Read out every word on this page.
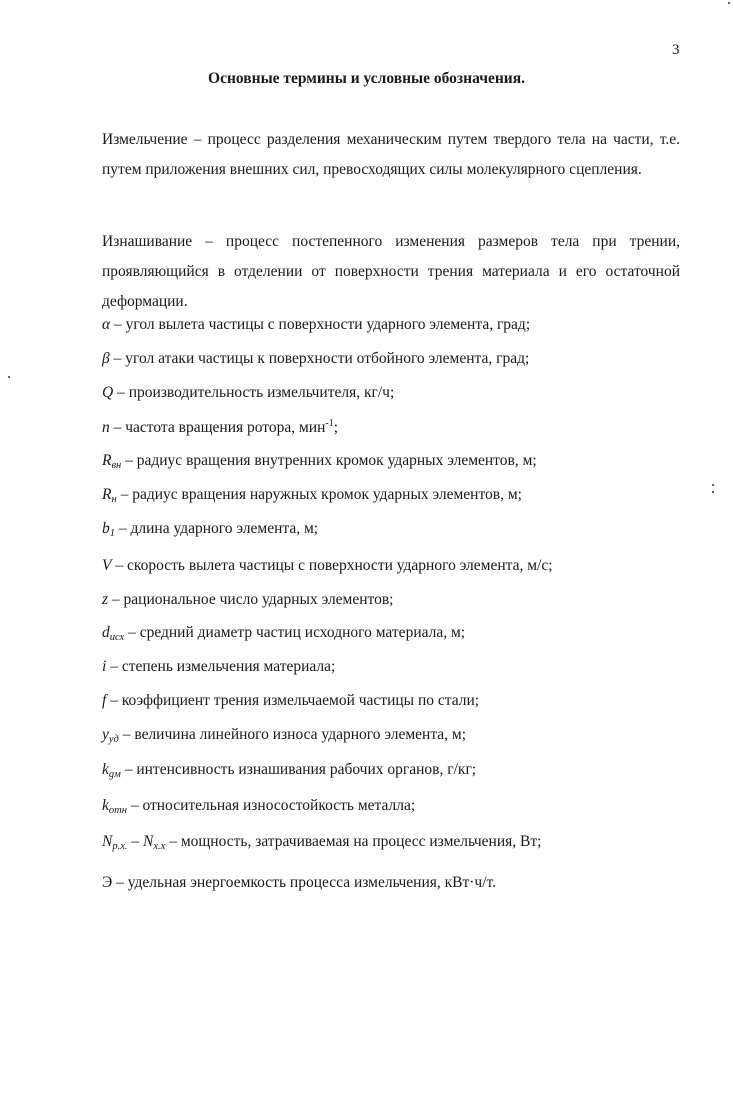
3
Основные термины и условные обозначения.
Измельчение – процесс разделения механическим путем твердого тела на части, т.е. путем приложения внешних сил, превосходящих силы молекулярного сцепления.
Изнашивание – процесс постепенного изменения размеров тела при трении, проявляющийся в отделении от поверхности трения материала и его остаточной деформации.
α – угол вылета частицы с поверхности ударного элемента, град;
β – угол атаки частицы к поверхности отбойного элемента, град;
Q – производительность измельчителя, кг/ч;
n – частота вращения ротора, мин$^{-1}$;
$R_{вн}$ – радиус вращения внутренних кромок ударных элементов, м;
$R_н$ – радиус вращения наружных кромок ударных элементов, м;
$b_1$ – длина ударного элемента, м;
V – скорость вылета частицы с поверхности ударного элемента, м/с;
z – рациональное число ударных элементов;
$d_{исх}$ – средний диаметр частиц исходного материала, м;
i – степень измельчения материала;
f – коэффициент трения измельчаемой частицы по стали;
$y_{уд}$ – величина линейного износа ударного элемента, м;
$k_{gм}$ – интенсивность изнашивания рабочих органов, г/кг;
$k_{отн}$ – относительная износостойкость металла;
$N_{р.х.} - N_{х.х}$ – мощность, затрачиваемая на процесс измельчения, Вт;
Э – удельная энергоемкость процесса измельчения, кВт·ч/т.
